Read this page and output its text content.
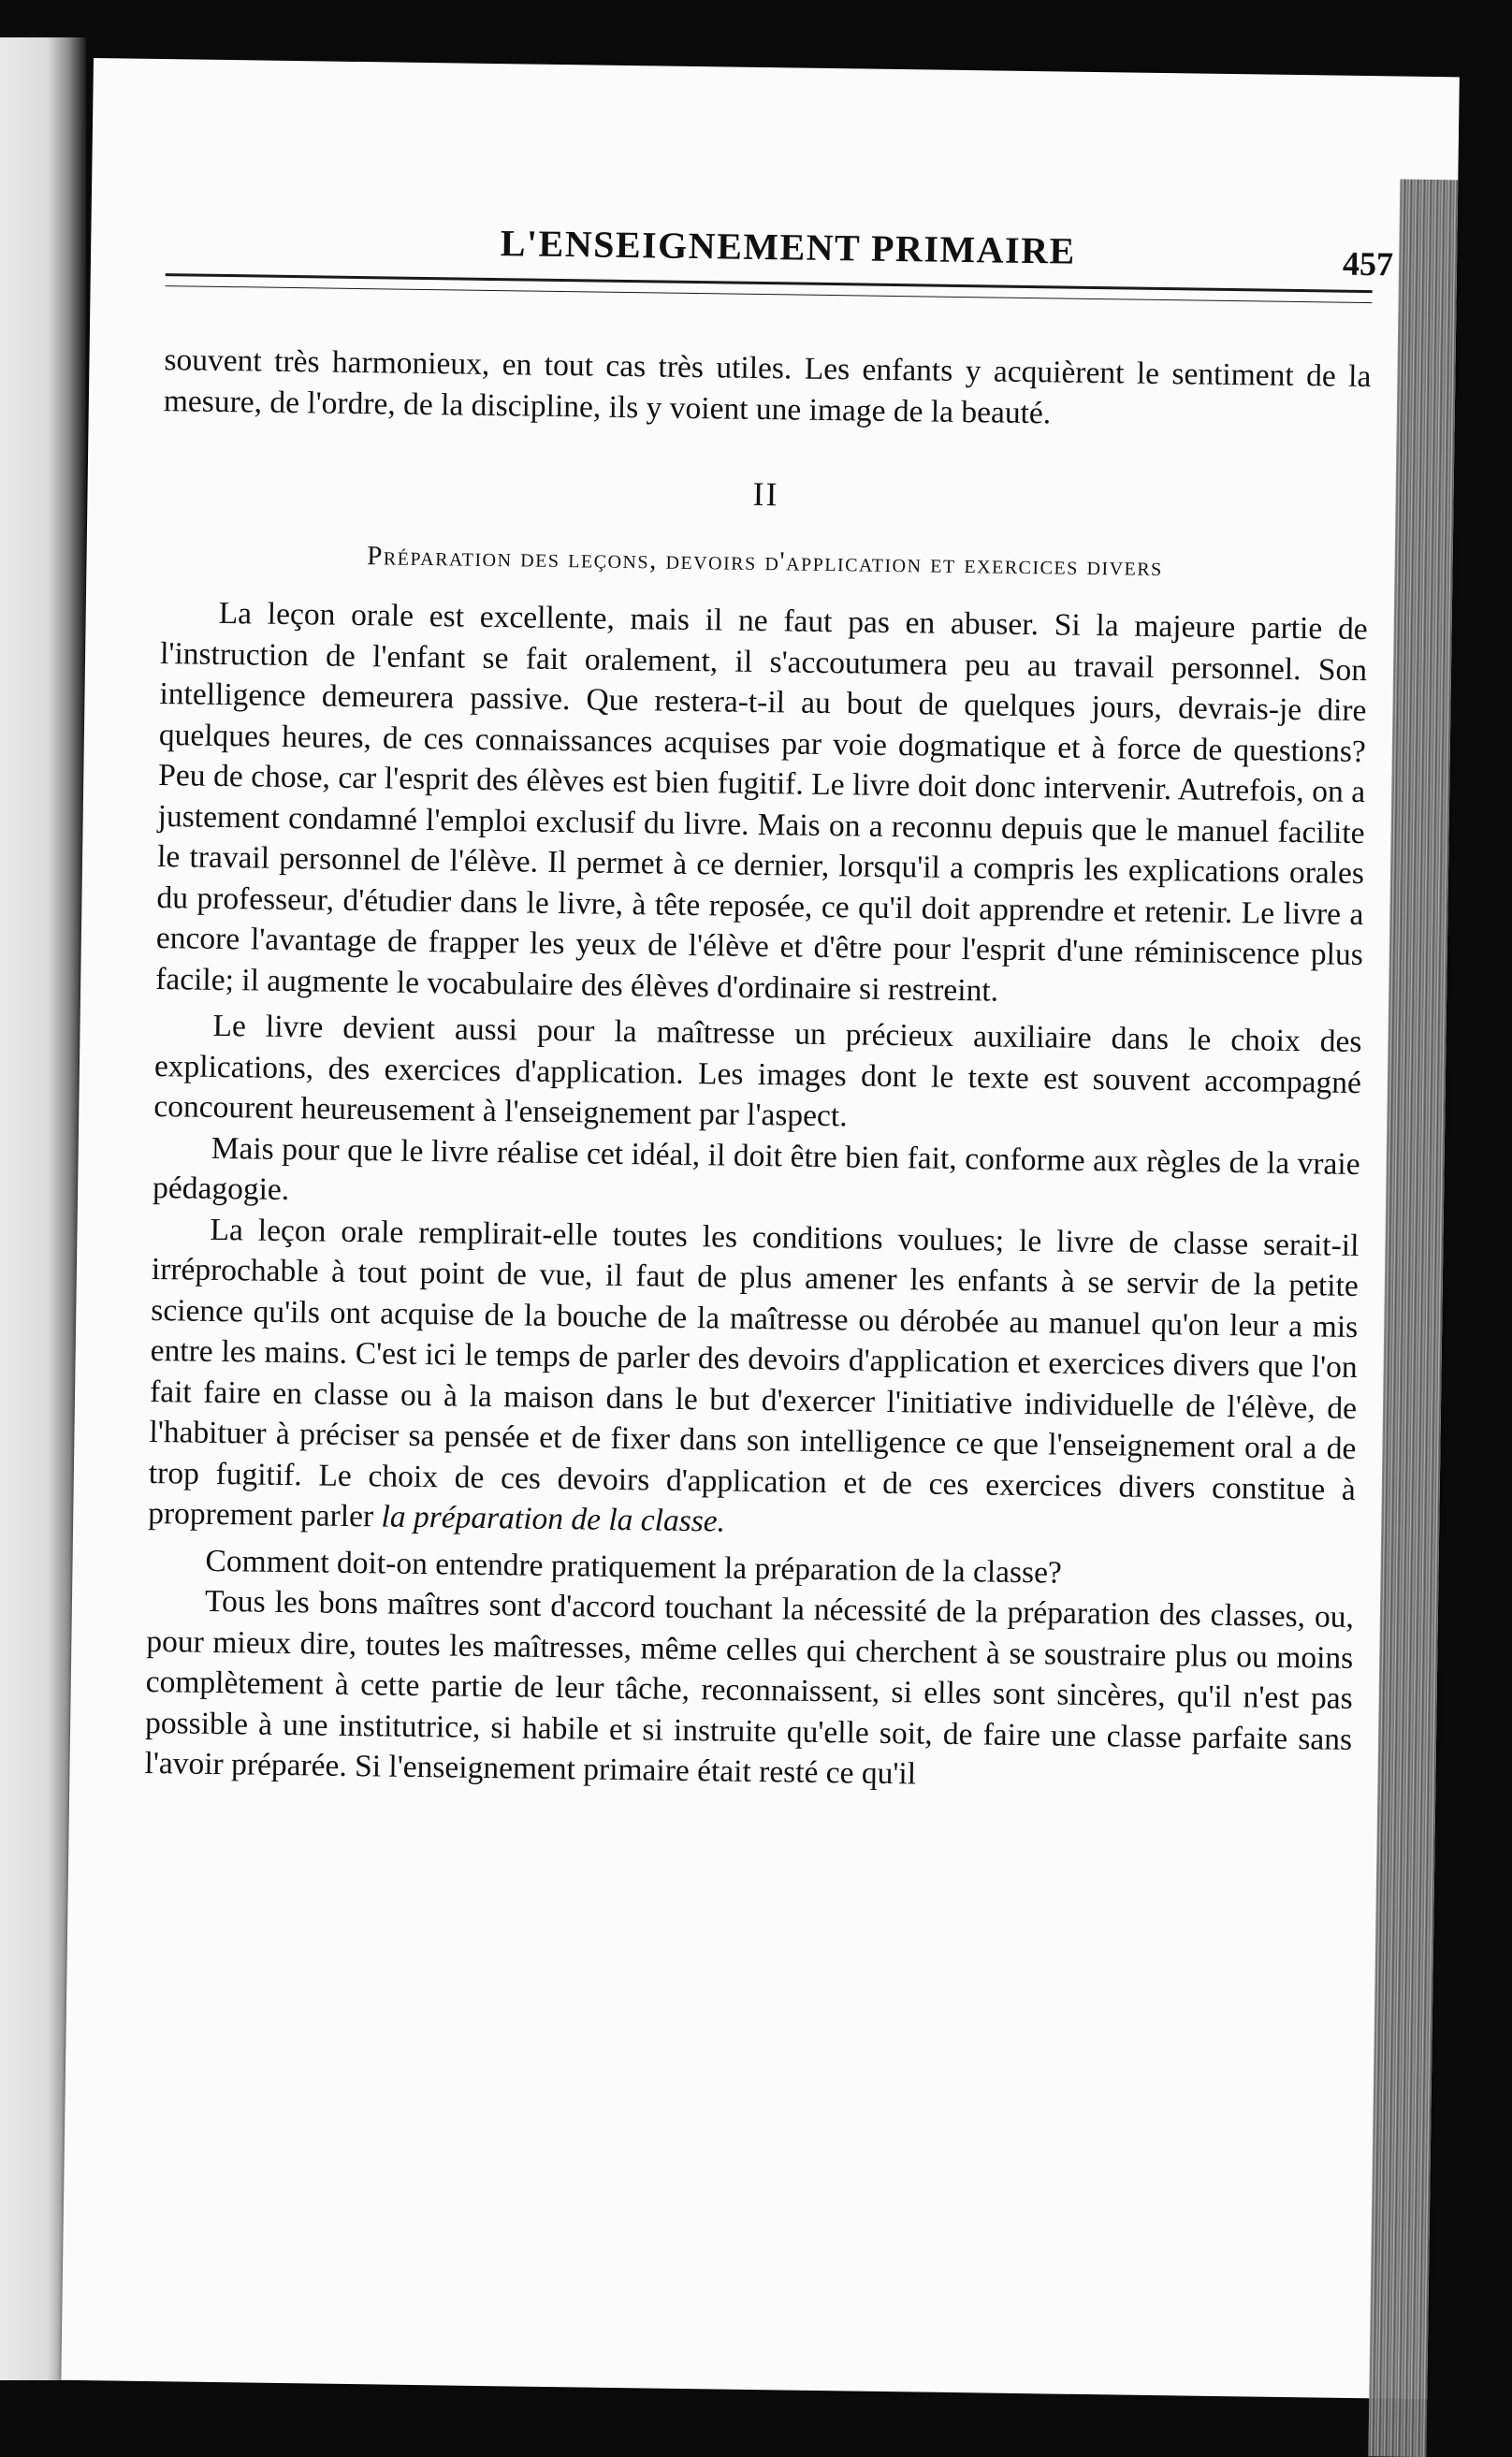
L'ENSEIGNEMENT PRIMAIRE	457

souvent très harmonieux, en tout cas très utiles. Les enfants y acquièrent le sentiment de la mesure, de l'ordre, de la discipline, ils y voient une image de la beauté.

II
Préparation des leçons, devoirs d'application et exercices divers

La leçon orale est excellente, mais il ne faut pas en abuser. Si la majeure partie de l'instruction de l'enfant se fait oralement, il s'accoutumera peu au travail personnel. Son intelligence demeurera passive. Que restera-t-il au bout de quelques jours, devrais-je dire quelques heures, de ces connaissances acquises par voie dogmatique et à force de questions? Peu de chose, car l'esprit des élèves est bien fugitif. Le livre doit donc intervenir. Autrefois, on a justement condamné l'emploi exclusif du livre. Mais on a reconnu depuis que le manuel facilite le travail personnel de l'élève. Il permet à ce dernier, lorsqu'il a compris les explications orales du professeur, d'étudier dans le livre, à tête reposée, ce qu'il doit apprendre et retenir. Le livre a encore l'avantage de frapper les yeux de l'élève et d'être pour l'esprit d'une réminiscence plus facile; il augmente le vocabulaire des élèves d'ordinaire si restreint.

Le livre devient aussi pour la maîtresse un précieux auxiliaire dans le choix des explications, des exercices d'application. Les images dont le texte est souvent accompagné concourent heureusement à l'enseignement par l'aspect.

Mais pour que le livre réalise cet idéal, il doit être bien fait, conforme aux règles de la vraie pédagogie.

La leçon orale remplirait-elle toutes les conditions voulues; le livre de classe serait-il irréprochable à tout point de vue, il faut de plus amener les enfants à se servir de la petite science qu'ils ont acquise de la bouche de la maîtresse ou dérobée au manuel qu'on leur a mis entre les mains. C'est ici le temps de parler des devoirs d'application et exercices divers que l'on fait faire en classe ou à la maison dans le but d'exercer l'initiative individuelle de l'élève, de l'habituer à préciser sa pensée et de fixer dans son intelligence ce que l'enseignement oral a de trop fugitif. Le choix de ces devoirs d'application et de ces exercices divers constitue à proprement parler la préparation de la classe.

Comment doit-on entendre pratiquement la préparation de la classe?

Tous les bons maîtres sont d'accord touchant la nécessité de la préparation des classes, ou, pour mieux dire, toutes les maîtresses, même celles qui cherchent à se soustraire plus ou moins complètement à cette partie de leur tâche, reconnaissent, si elles sont sincères, qu'il n'est pas possible à une institutrice, si habile et si instruite qu'elle soit, de faire une classe parfaite sans l'avoir préparée. Si l'enseignement primaire était resté ce qu'il
